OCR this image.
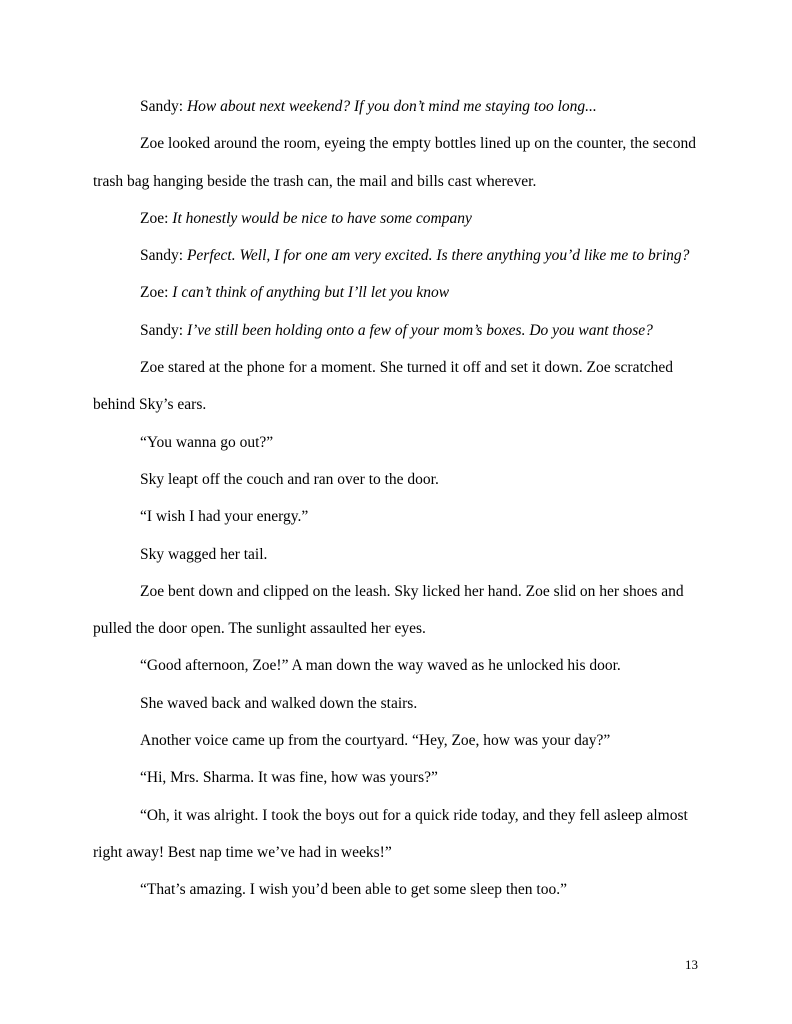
Sandy: How about next weekend? If you don’t mind me staying too long...

Zoe looked around the room, eyeing the empty bottles lined up on the counter, the second trash bag hanging beside the trash can, the mail and bills cast wherever.

Zoe: It honestly would be nice to have some company

Sandy: Perfect. Well, I for one am very excited. Is there anything you’d like me to bring?

Zoe: I can’t think of anything but I’ll let you know

Sandy: I’ve still been holding onto a few of your mom’s boxes. Do you want those?

Zoe stared at the phone for a moment. She turned it off and set it down. Zoe scratched behind Sky’s ears.

“You wanna go out?”

Sky leapt off the couch and ran over to the door.

“I wish I had your energy.”

Sky wagged her tail.

Zoe bent down and clipped on the leash. Sky licked her hand. Zoe slid on her shoes and pulled the door open. The sunlight assaulted her eyes.

“Good afternoon, Zoe!” A man down the way waved as he unlocked his door.

She waved back and walked down the stairs.

Another voice came up from the courtyard. “Hey, Zoe, how was your day?”

“Hi, Mrs. Sharma. It was fine, how was yours?”

“Oh, it was alright. I took the boys out for a quick ride today, and they fell asleep almost right away! Best nap time we’ve had in weeks!”

“That’s amazing. I wish you’d been able to get some sleep then too.”

13
